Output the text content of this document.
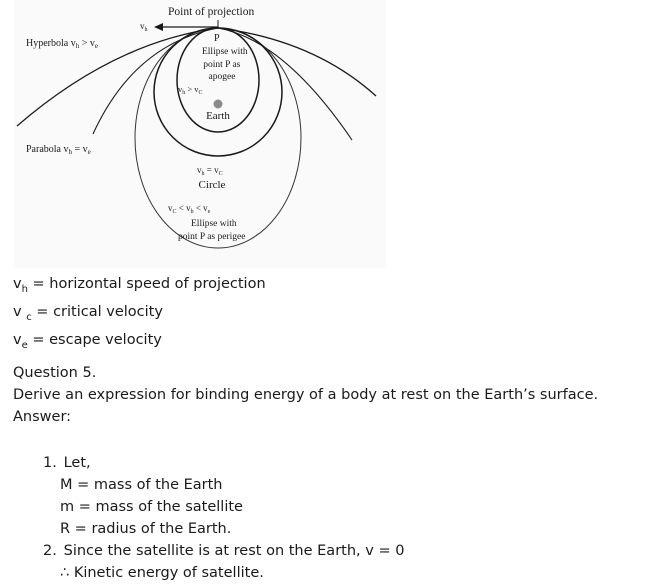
Point of projection
$v_h$
P
Hyperbola $v_h > v_e$
Parabola $v_h = v_e$
Ellipse with point P as apogee
$v_h > v_C$
Earth
$v_h = v_C$
Circle
$v_C < v_h < v_e$
Ellipse with point P as perigee
$v_h$ = horizontal speed of projection
v $_c$ = critical velocity
$v_e$ = escape velocity
Question 5.
Derive an expression for binding energy of a body at rest on the Earth’s surface.
Answer:
1. Let,
M = mass of the Earth
m = mass of the satellite
R = radius of the Earth.
2. Since the satellite is at rest on the Earth, v = 0
∴ Kinetic energy of satellite.
